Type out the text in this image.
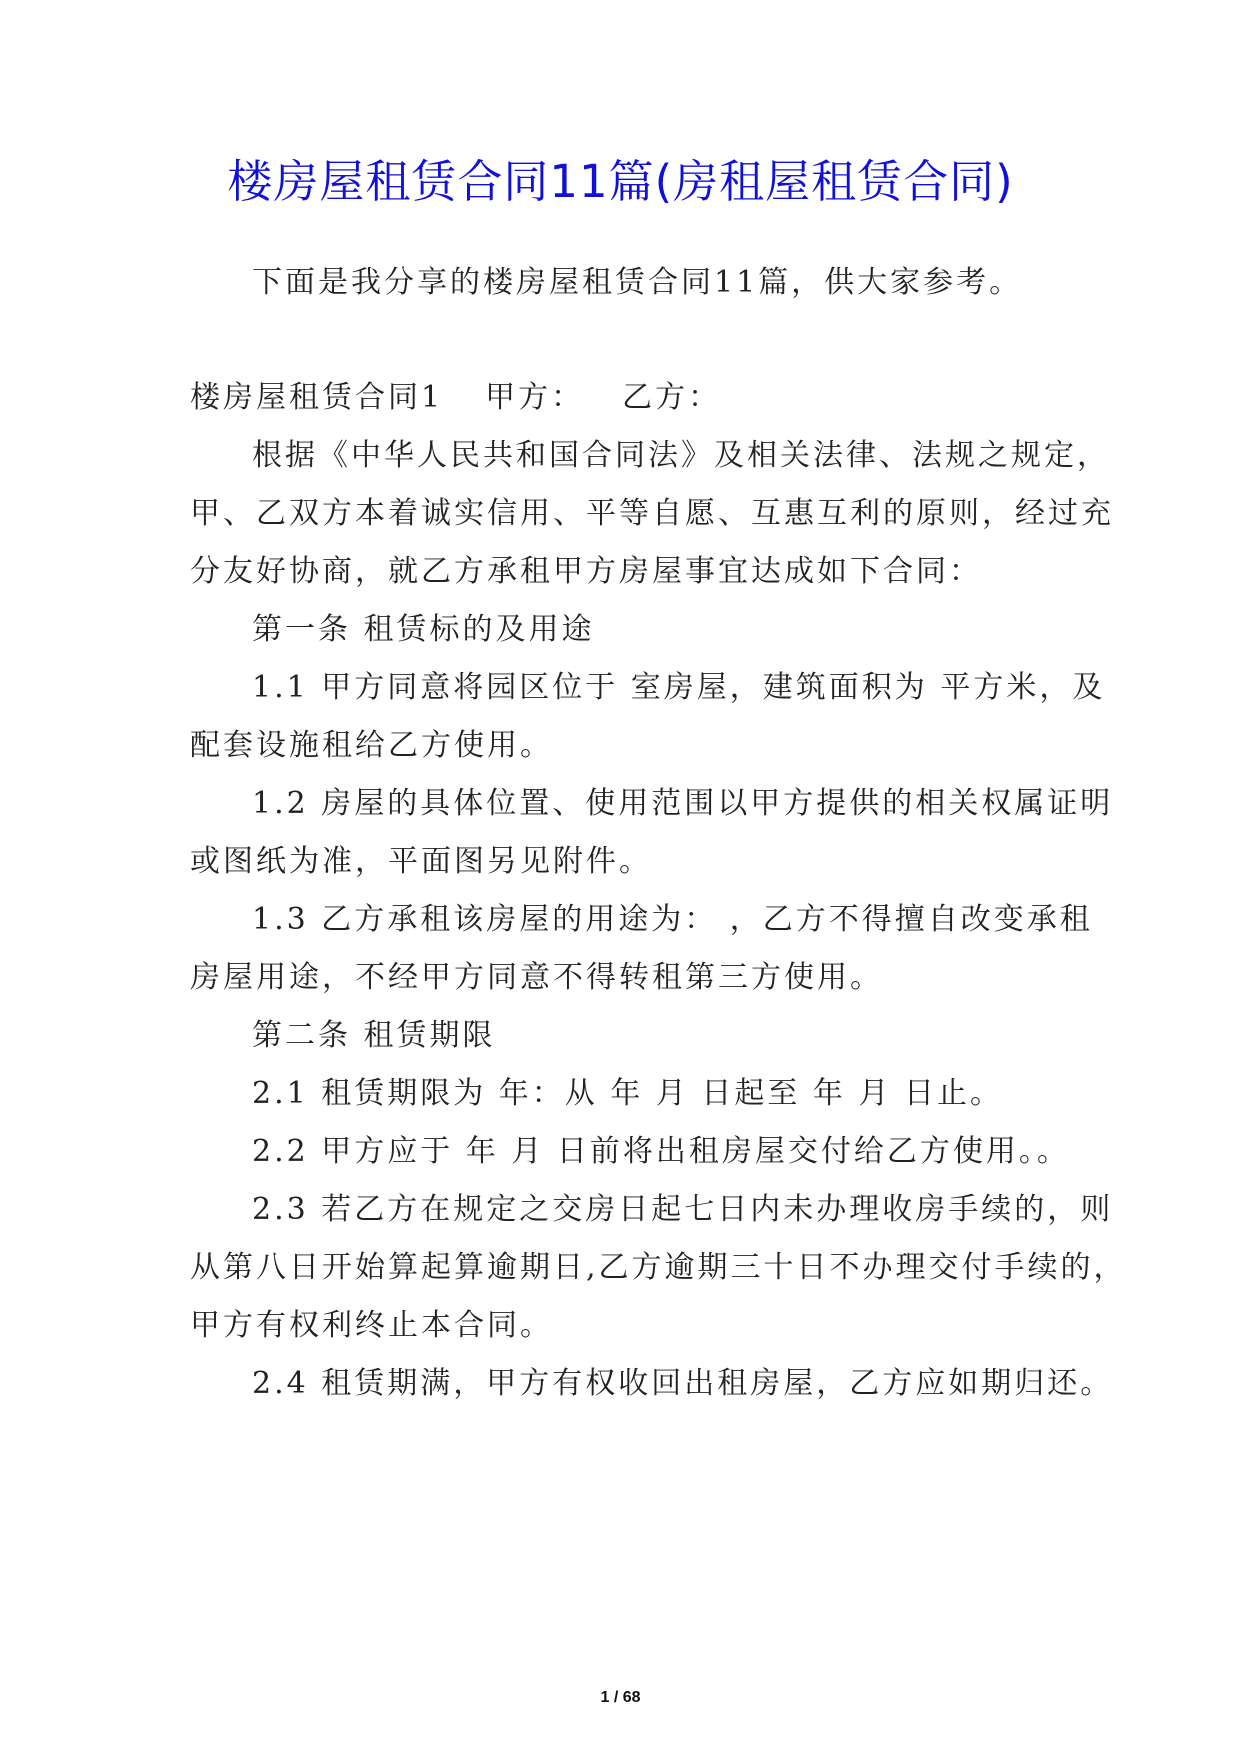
楼房屋租赁合同11篇(房租屋租赁合同)
下面是我分享的楼房屋租赁合同11篇，供大家参考。
楼房屋租赁合同1 甲方： 乙方：
根据《中华人民共和国合同法》及相关法律、法规之规定，
甲、乙双方本着诚实信用、平等自愿、互惠互利的原则，经过充
分友好协商，就乙方承租甲方房屋事宜达成如下合同：
第一条 租赁标的及用途
1.1 甲方同意将园区位于 室房屋，建筑面积为 平方米，及
配套设施租给乙方使用。
1.2 房屋的具体位置、使用范围以甲方提供的相关权属证明
或图纸为准，平面图另见附件。
1.3 乙方承租该房屋的用途为： ，乙方不得擅自改变承租
房屋用途，不经甲方同意不得转租第三方使用。
第二条 租赁期限
2.1 租赁期限为 年：从 年 月 日起至 年 月 日止。
2.2 甲方应于 年 月 日前将出租房屋交付给乙方使用。。
2.3 若乙方在规定之交房日起七日内未办理收房手续的，则
从第八日开始算起算逾期日,乙方逾期三十日不办理交付手续的，
甲方有权利终止本合同。
2.4 租赁期满，甲方有权收回出租房屋，乙方应如期归还。
1 / 68
